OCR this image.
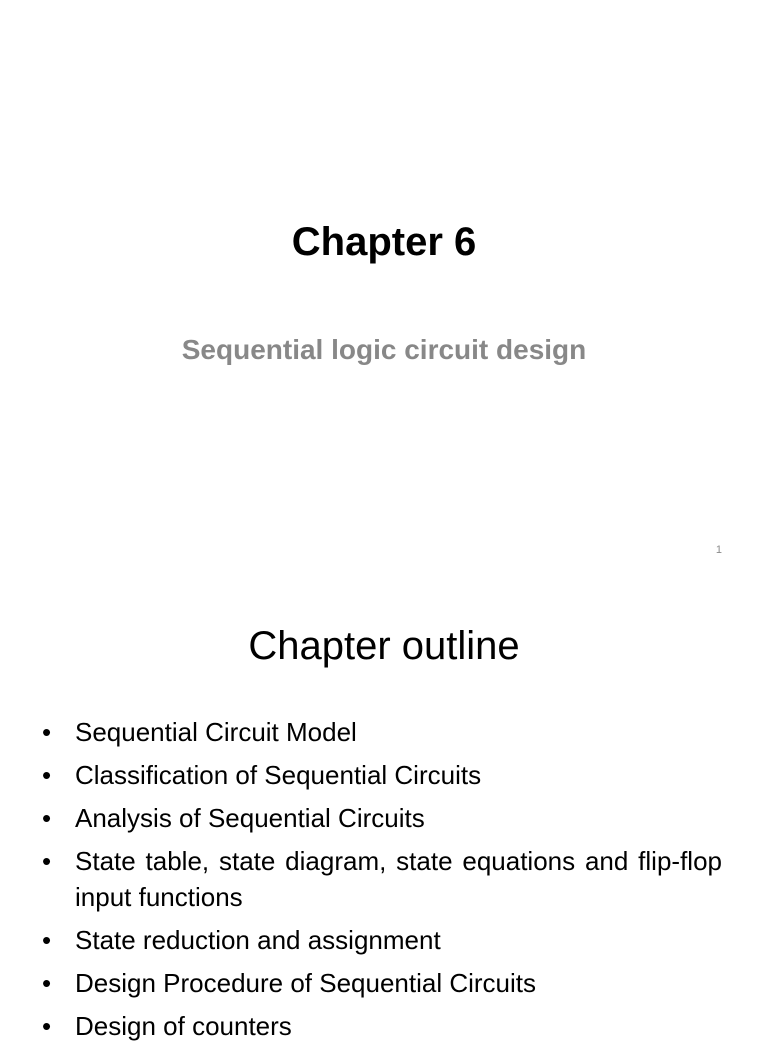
Chapter 6
Sequential logic circuit design
1
Chapter outline
• Sequential Circuit Model
• Classification of Sequential Circuits
• Analysis of Sequential Circuits
• State table, state diagram, state equations and flip-flop input functions
• State reduction and assignment
• Design Procedure of Sequential Circuits
• Design of counters
